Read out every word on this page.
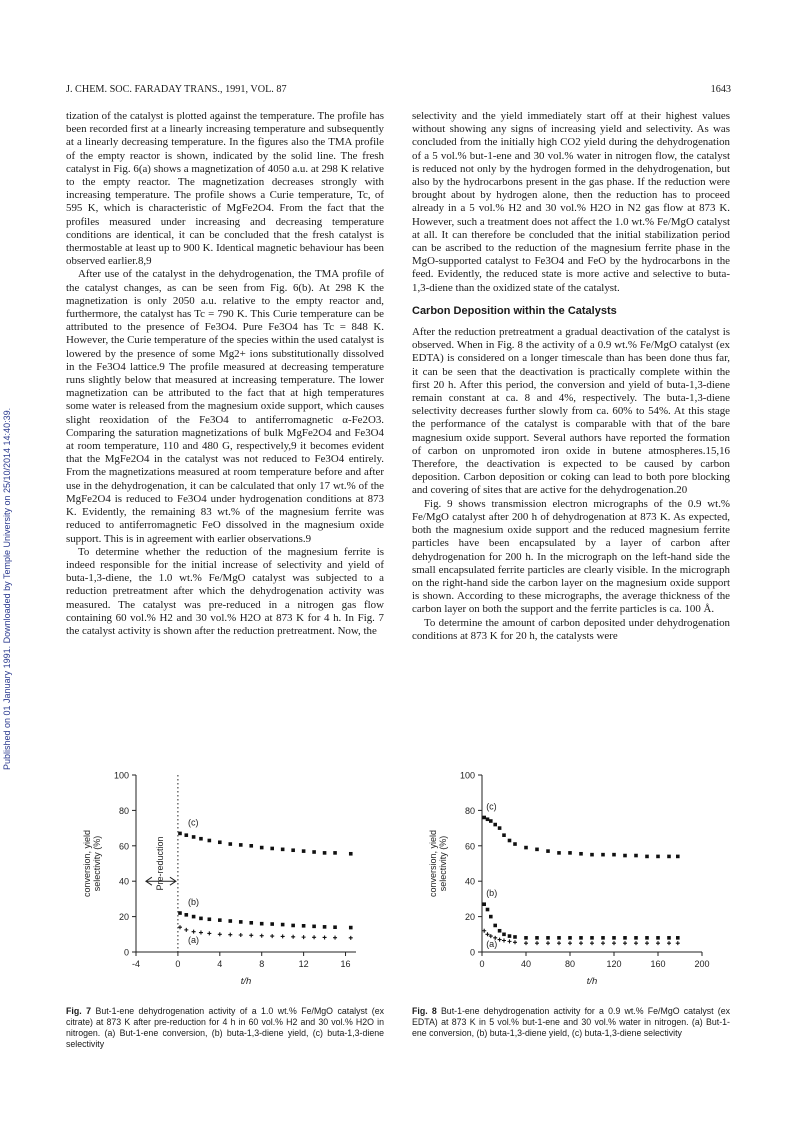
Published on 01 January 1991. Downloaded by Temple University on 25/10/2014 14:40:39.
J. CHEM. SOC. FARADAY TRANS., 1991, VOL. 87	1643

tization of the catalyst is plotted against the temperature. The profile has been recorded first at a linearly increasing temperature and subsequently at a linearly decreasing temperature. In the figures also the TMA profile of the empty reactor is shown, indicated by the solid line. The fresh catalyst in Fig. 6(a) shows a magnetization of 4050 a.u. at 298 K relative to the empty reactor. The magnetization decreases strongly with increasing temperature. The profile shows a Curie temperature, Tc, of 595 K, which is characteristic of MgFe2O4. From the fact that the profiles measured under increasing and decreasing temperature conditions are identical, it can be concluded that the fresh catalyst is thermostable at least up to 900 K. Identical magnetic behaviour has been observed earlier.8,9

After use of the catalyst in the dehydrogenation, the TMA profile of the catalyst changes, as can be seen from Fig. 6(b). At 298 K the magnetization is only 2050 a.u. relative to the empty reactor and, furthermore, the catalyst has Tc = 790 K. This Curie temperature can be attributed to the presence of Fe3O4. Pure Fe3O4 has Tc = 848 K. However, the Curie temperature of the species within the used catalyst is lowered by the presence of some Mg2+ ions substitutionally dissolved in the Fe3O4 lattice.9 The profile measured at decreasing temperature runs slightly below that measured at increasing temperature. The lower magnetization can be attributed to the fact that at high temperatures some water is released from the magnesium oxide support, which causes slight reoxidation of the Fe3O4 to antiferromagnetic α-Fe2O3. Comparing the saturation magnetizations of bulk MgFe2O4 and Fe3O4 at room temperature, 110 and 480 G, respectively,9 it becomes evident that the MgFe2O4 in the catalyst was not reduced to Fe3O4 entirely. From the magnetizations measured at room temperature before and after use in the dehydrogenation, it can be calculated that only 17 wt.% of the MgFe2O4 is reduced to Fe3O4 under hydrogenation conditions at 873 K. Evidently, the remaining 83 wt.% of the magnesium ferrite was reduced to antiferromagnetic FeO dissolved in the magnesium oxide support. This is in agreement with earlier observations.9

To determine whether the reduction of the magnesium ferrite is indeed responsible for the initial increase of selectivity and yield of buta-1,3-diene, the 1.0 wt.% Fe/MgO catalyst was subjected to a reduction pretreatment after which the dehydrogenation activity was measured. The catalyst was pre-reduced in a nitrogen gas flow containing 60 vol.% H2 and 30 vol.% H2O at 873 K for 4 h. In Fig. 7 the catalyst activity is shown after the reduction pretreatment. Now, the

selectivity and the yield immediately start off at their highest values without showing any signs of increasing yield and selectivity. As was concluded from the initially high CO2 yield during the dehydrogenation of a 5 vol.% but-1-ene and 30 vol.% water in nitrogen flow, the catalyst is reduced not only by the hydrogen formed in the dehydrogenation, but also by the hydrocarbons present in the gas phase. If the reduction were brought about by hydrogen alone, then the reduction has to proceed already in a 5 vol.% H2 and 30 vol.% H2O in N2 gas flow at 873 K. However, such a treatment does not affect the 1.0 wt.% Fe/MgO catalyst at all. It can therefore be concluded that the initial stabilization period can be ascribed to the reduction of the magnesium ferrite phase in the MgO-supported catalyst to Fe3O4 and FeO by the hydrocarbons in the feed. Evidently, the reduced state is more active and selective to buta-1,3-diene than the oxidized state of the catalyst.

Carbon Deposition within the Catalysts

After the reduction pretreatment a gradual deactivation of the catalyst is observed. When in Fig. 8 the activity of a 0.9 wt.% Fe/MgO catalyst (ex EDTA) is considered on a longer timescale than has been done thus far, it can be seen that the deactivation is practically complete within the first 20 h. After this period, the conversion and yield of buta-1,3-diene remain constant at ca. 8 and 4%, respectively. The buta-1,3-diene selectivity decreases further slowly from ca. 60% to 54%. At this stage the performance of the catalyst is comparable with that of the bare magnesium oxide support. Several authors have reported the formation of carbon on unpromoted iron oxide in butene atmospheres.15,16 Therefore, the deactivation is expected to be caused by carbon deposition. Carbon deposition or coking can lead to both pore blocking and covering of sites that are active for the dehydrogenation.20

Fig. 9 shows transmission electron micrographs of the 0.9 wt.% Fe/MgO catalyst after 200 h of dehydrogenation at 873 K. As expected, both the magnesium oxide support and the reduced magnesium ferrite particles have been encapsulated by a layer of carbon after dehydrogenation for 200 h. In the micrograph on the left-hand side the small encapsulated ferrite particles are clearly visible. In the micrograph on the right-hand side the carbon layer on the magnesium oxide support is shown. According to these micrographs, the average thickness of the carbon layer on both the support and the ferrite particles is ca. 100 Å.

To determine the amount of carbon deposited under dehydrogenation conditions at 873 K for 20 h, the catalysts were

0
20
40
60
80
100
-4	0	4	8	12	16
t/h
conversion, yield selectivity (%)
(a)
(b)
(c)
Pre-reduction
0
20
40
60
80
100
0	40	80	120	160	200
t/h
conversion, yield selectivity (%)
(a)
(b)
(c)
Fig. 7 But-1-ene dehydrogenation activity of a 1.0 wt.% Fe/MgO catalyst (ex citrate) at 873 K after pre-reduction for 4 h in 60 vol.% H2 and 30 vol.% H2O in nitrogen. (a) But-1-ene conversion, (b) buta-1,3-diene yield, (c) buta-1,3-diene selectivity
Fig. 8 But-1-ene dehydrogenation activity for a 0.9 wt.% Fe/MgO catalyst (ex EDTA) at 873 K in 5 vol.% but-1-ene and 30 vol.% water in nitrogen. (a) But-1-ene conversion, (b) buta-1,3-diene yield, (c) buta-1,3-diene selectivity
